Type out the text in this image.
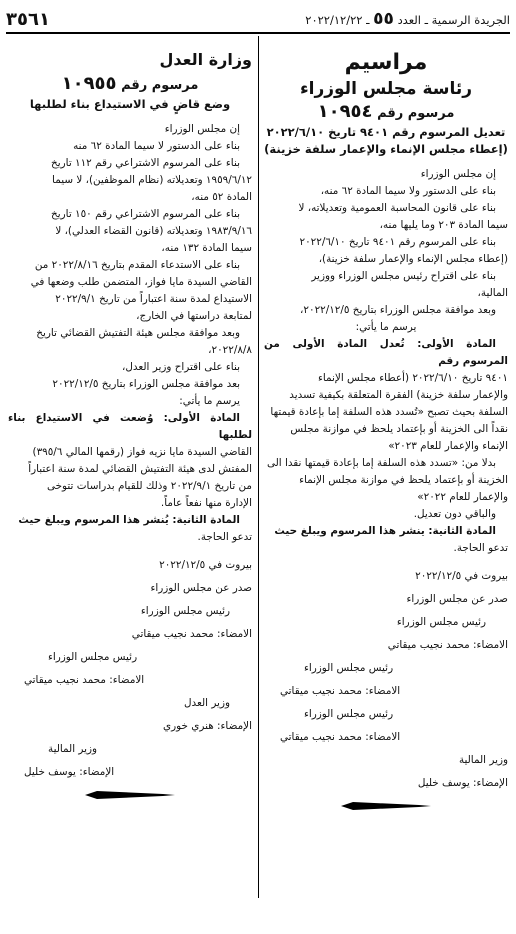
الجريدة الرسمية ـ العدد ٥٥ ـ ٢٠٢٢/١٢/٢٢
٣٥٦١
مراسيم
رئاسة مجلس الوزراء
مرسوم رقم ١٠٩٥٤
تعديل المرسوم رقم ٩٤٠١ تاريخ ٢٠٢٢/٦/١٠
(إعطاء مجلس الإنماء والإعمار سلفة خزينة)

إن مجلس الوزراء

بناء على الدستور ولا سيما المادة ٦٢ منه،

بناء على قانون المحاسبة العمومية وتعديلاته، لا

سيما المادة ٢٠٣ وما يليها منه،

بناء على المرسوم رقم ٩٤٠١ تاريخ ٢٠٢٢/٦/١٠

(إعطاء مجلس الإنماء والإعمار سلفة خزينة)،

بناء على اقتراح رئيس مجلس الوزراء ووزير

المالية،

وبعد موافقة مجلس الوزراء بتاريخ ٢٠٢٢/١٢/٥،

يرسم ما يأتي:

المادة الأولى: تُعدل المادة الأولى من المرسوم رقم

٩٤٠١ تاريخ ٢٠٢٢/٦/١٠ (أعطاء مجلس الإنماء

والإعمار سلفة خزينة) الفقرة المتعلقة بكيفية تسديد

السلفة بحيث تصبح «تُسدد هذه السلفة إما بإعادة قيمتها

نقداً الى الخزينة أو بإعتماد يلحظ في موازنة مجلس

الإنماء والإعمار للعام ٢٠٢٣»

بدلا من: «تسدد هذه السلفة إما بإعادة قيمتها نقدا الى

الخزينة أو بإعتماد يلحظ في موازنة مجلس الإنماء

والإعمار للعام ٢٠٢٢»

والباقي دون تعديل.

المادة الثانية: ينشر هذا المرسوم ويبلغ حيث

تدعو الحاجة.

بيروت في ٢٠٢٢/١٢/٥

صدر عن مجلس الوزراء

رئيس مجلس الوزراء

الامضاء: محمد نجيب ميقاتي

رئيس مجلس الوزراء

الامضاء: محمد نجيب ميقاتي

رئيس مجلس الوزراء

الامضاء: محمد نجيب ميقاتي

وزير المالية

الإمضاء: يوسف خليل

وزارة العدل
مرسوم رقم ١٠٩٥٥
وضع قاضٍ في الاستيداع بناء لطلبها

إن مجلس الوزراء

بناء على الدستور لا سيما المادة ٦٢ منه

بناء على المرسوم الاشتراعي رقم ١١٢ تاريخ

١٩٥٩/٦/١٢ وتعديلاته (نظام الموظفين)، لا سيما

المادة ٥٢ منه،

بناء على المرسوم الاشتراعي رقم ١٥٠ تاريخ

١٩٨٣/٩/١٦ وتعديلاته (قانون القضاء العدلي)، لا

سيما المادة ١٣٢ منه،

بناء على الاستدعاء المقدم بتاريخ ٢٠٢٢/٨/١٦ من

القاضي السيدة مايا فواز، المتضمن طلب وضعها في

الاستيداع لمدة سنة اعتباراً من تاريخ ٢٠٢٢/٩/١

لمتابعة دراستها في الخارج،

وبعد موافقة مجلس هيئة التفتيش القضائي تاريخ

٢٠٢٢/٨/٨،

بناء على اقتراح وزير العدل،

بعد موافقة مجلس الوزراء بتاريخ ٢٠٢٢/١٢/٥

يرسم ما يأتي:

المادة الأولى: وُضعت في الاستيداع بناء لطلبها

القاضي السيدة مايا نزيه فواز (رقمها المالي ٣٩٥/٦)

المفتش لدى هيئة التفتيش القضائي لمدة سنة اعتباراً

من تاريخ ٢٠٢٢/٩/١ وذلك للقيام بدراسات تتوخى

الإدارة منها نفعاً عاماً.

المادة الثانية: يُنشر هذا المرسوم ويبلغ حيث

تدعو الحاجة.

بيروت في ٢٠٢٢/١٢/٥

صدر عن مجلس الوزراء

رئيس مجلس الوزراء

الامضاء: محمد نجيب ميقاتي

رئيس مجلس الوزراء

الامضاء: محمد نجيب ميقاتي

وزير العدل

الإمضاء: هنري خوري

وزير المالية

الإمضاء: يوسف خليل
